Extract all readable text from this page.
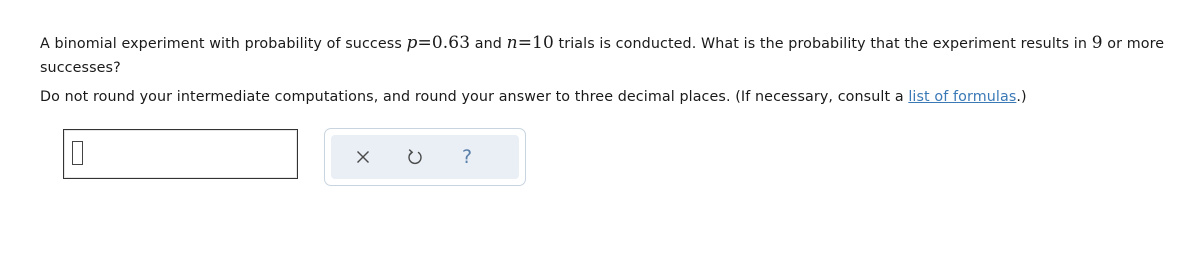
A binomial experiment with probability of success p=0.63 and n=10 trials is conducted. What is the probability that the experiment results in 9 or more successes?
Do not round your intermediate computations, and round your answer to three decimal places. (If necessary, consult a list of formulas.)
?
